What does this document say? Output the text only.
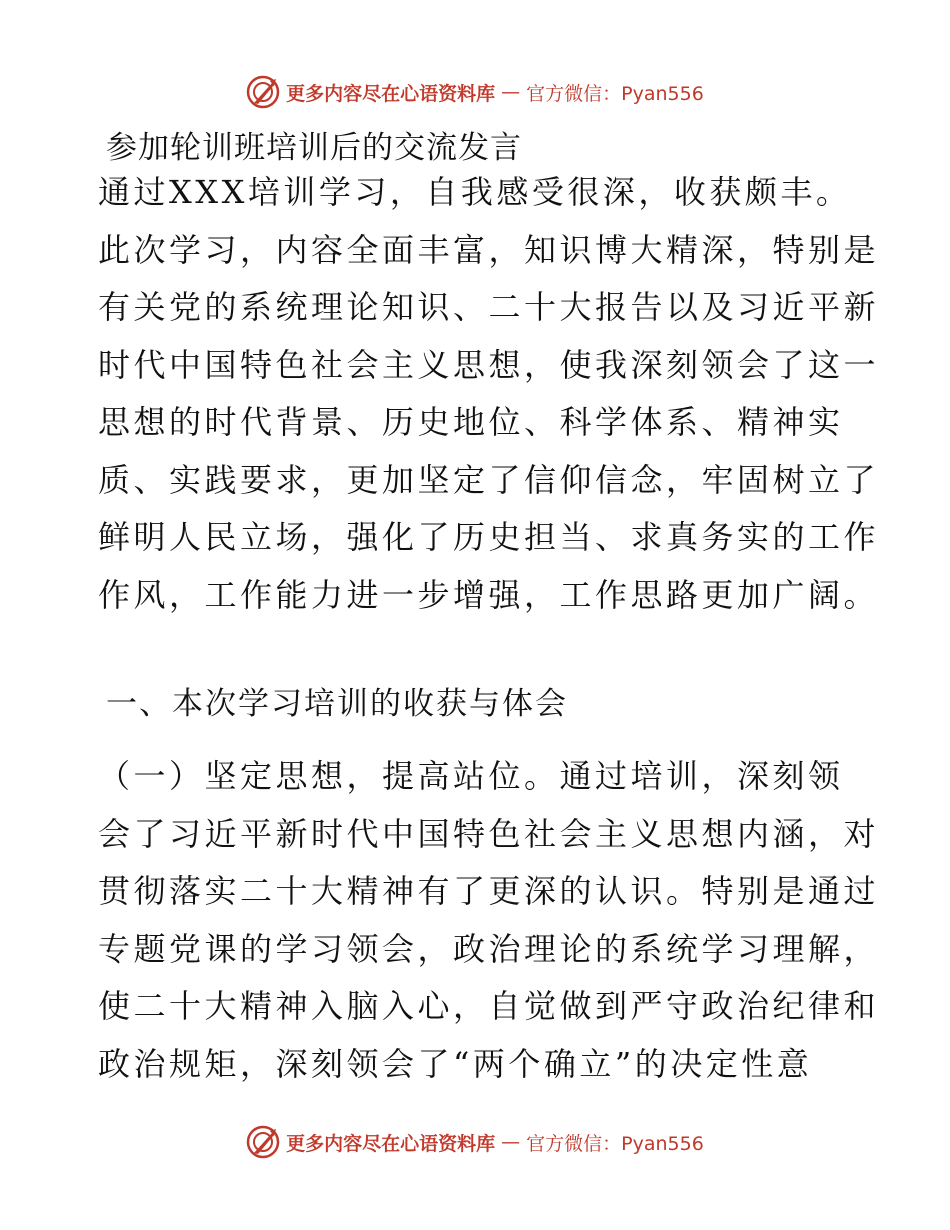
更多内容尽在心语资料库 — 官方微信：Pyan556
参加轮训班培训后的交流发言
通过XXX培训学习，自我感受很深，收获颇丰。
此次学习，内容全面丰富，知识博大精深，特别是
有关党的系统理论知识、二十大报告以及习近平新
时代中国特色社会主义思想，使我深刻领会了这一
思想的时代背景、历史地位、科学体系、精神实
质、实践要求，更加坚定了信仰信念，牢固树立了
鲜明人民立场，强化了历史担当、求真务实的工作
作风，工作能力进一步增强，工作思路更加广阔。
一、本次学习培训的收获与体会
（一）坚定思想，提高站位。通过培训，深刻领
会了习近平新时代中国特色社会主义思想内涵，对
贯彻落实二十大精神有了更深的认识。特别是通过
专题党课的学习领会，政治理论的系统学习理解，
使二十大精神入脑入心，自觉做到严守政治纪律和
政治规矩，深刻领会了“两个确立”的决定性意
更多内容尽在心语资料库 — 官方微信：Pyan556
